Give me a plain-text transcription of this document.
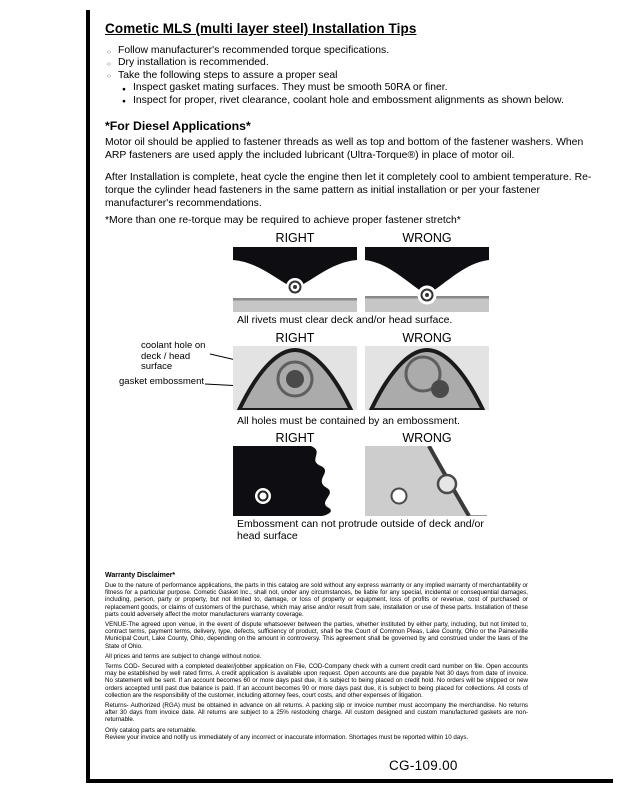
Cometic MLS (multi layer steel) Installation Tips
○ Follow manufacturer's recommended torque specifications.
○ Dry installation is recommended.
○ Take the following steps to assure a proper seal
● Inspect gasket mating surfaces. They must be smooth 50RA or finer.
● Inspect for proper, rivet clearance, coolant hole and embossment alignments as shown below.
*For Diesel Applications*
Motor oil should be applied to fastener threads as well as top and bottom of the fastener washers. When ARP fasteners are used apply the included lubricant (Ultra-Torque®) in place of motor oil.
After Installation is complete, heat cycle the engine then let it completely cool to ambient temperature. Re-torque the cylinder head fasteners in the same pattern as initial installation or per your fastener manufacturer's recommendations.
*More than one re-torque may be required to achieve proper fastener stretch*
RIGHT	WRONG
All rivets must clear deck and/or head surface.
RIGHT	WRONG
coolant hole on
deck / head surface
gasket embossment
All holes must be contained by an embossment.
RIGHT	WRONG
Embossment can not protrude outside of deck and/or head surface
Warranty Disclaimer*

Due to the nature of performance applications, the parts in this catalog are sold without any express warranty or any implied warranty of merchantability or fitness for a particular purpose. Cometic Gasket Inc., shall not, under any circumstances, be liable for any special, incidental or consequential damages, including, person, party or property, but not limited to, damage, or loss of property or equipment, loss of profits or revenue, cost of purchased or replacement goods, or claims of customers of the purchase, which may arise and/or result from sale, installation or use of these parts. Installation of these parts could adversely affect the motor manufacturers warranty coverage.

VENUE-The agreed upon venue, in the event of dispute whatsoever between the parties, whether instituted by either party, including, but not limited to, contract terms, payment terms, delivery, type, defects, sufficiency of product, shall be the Court of Common Pleas, Lake County, Ohio or the Painesville Municipal Court, Lake County, Ohio, depending on the amount in controversy. This agreement shall be governed by and construed under the laws of the State of Ohio.

All prices and terms are subject to change without notice.

Terms COD- Secured with a completed dealer/jobber application on File, COD-Company check with a current credit card number on file. Open accounts may be established by well rated firms. A credit application is available upon request. Open accounts are due payable Net 30 days from date of invoice. No statement will be sent. If an account becomes 60 or more days past due, it is subject to being placed on credit hold. No orders will be shipped or new orders accepted until past due balance is paid. If an account becomes 90 or more days past due, it is subject to being placed for collections. All costs of collection are the responsibility of the customer, including attorney fees, court costs, and other expenses of litigation.

Returns- Authorized (RGA) must be obtained in advance on all returns. A packing slip or invoice number must accompany the merchandise. No returns after 30 days from invoice date. All returns are subject to a 25% restocking charge. All custom designed and custom manufactured gaskets are non-returnable.

Only catalog parts are returnable.

Review your invoice and notify us immediately of any incorrect or inaccurate information. Shortages must be reported within 10 days.

CG-109.00
